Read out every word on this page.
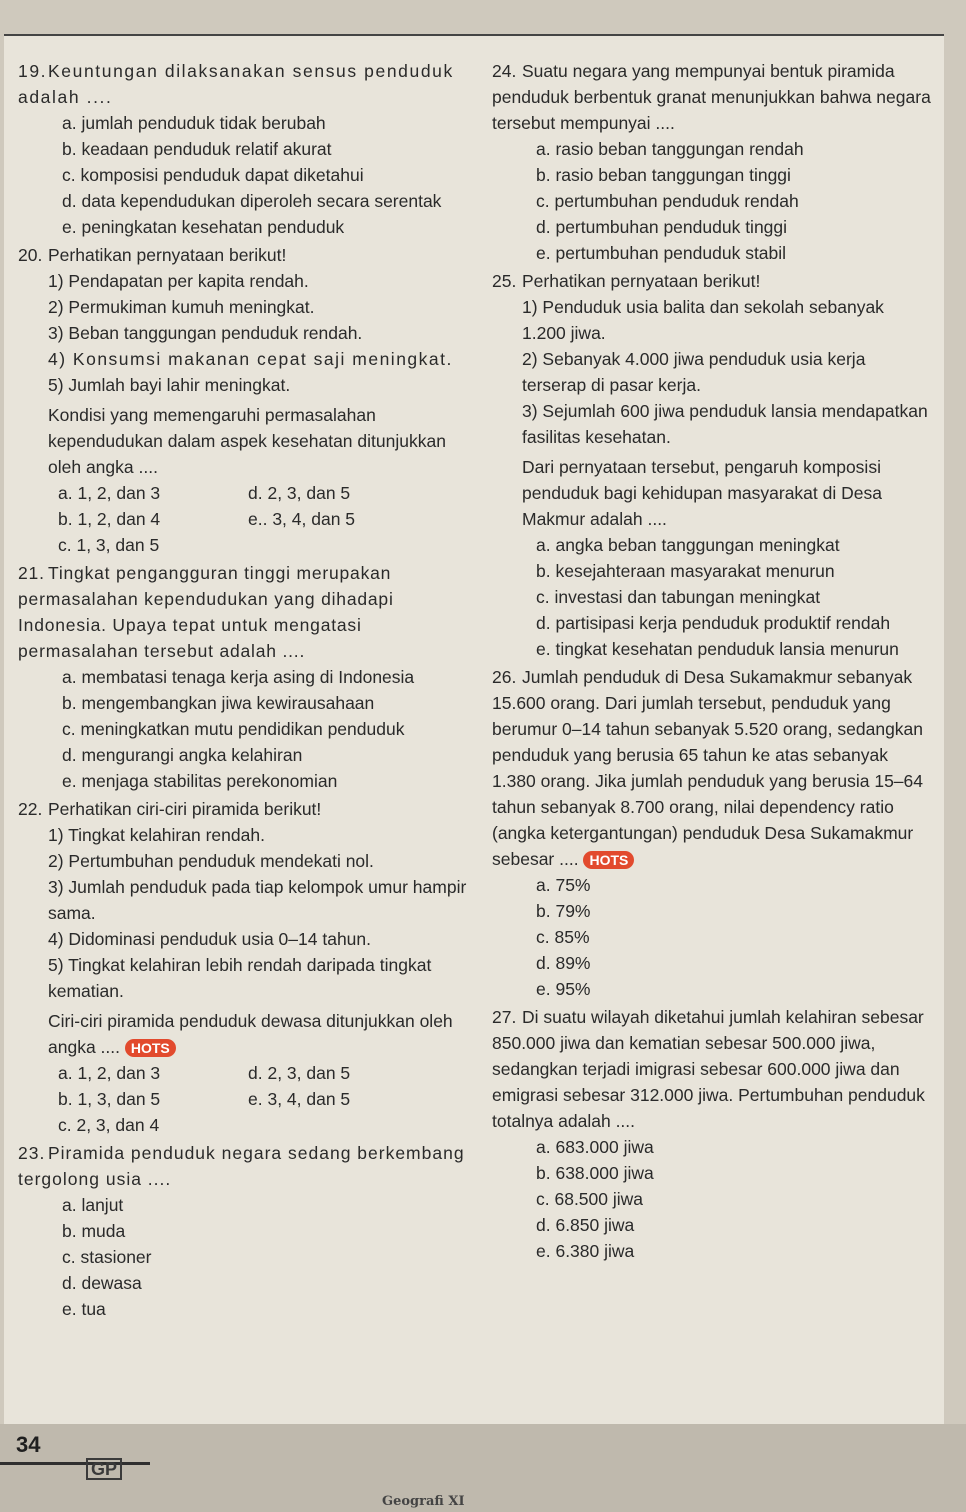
19.Keuntungan dilaksanakan sensus penduduk adalah ....
a. jumlah penduduk tidak berubah
b. keadaan penduduk relatif akurat
c. komposisi penduduk dapat diketahui
d. data kependudukan diperoleh secara serentak
e. peningkatan kesehatan penduduk
20. Perhatikan pernyataan berikut!
1) Pendapatan per kapita rendah.
2) Permukiman kumuh meningkat.
3) Beban tanggungan penduduk rendah.
4) Konsumsi makanan cepat saji meningkat.
5) Jumlah bayi lahir meningkat.
Kondisi yang memengaruhi permasalahan kependudukan dalam aspek kesehatan ditunjukkan oleh angka ....
a. 1, 2, dan 3	d. 2, 3, dan 5
b. 1, 2, dan 4	e.. 3, 4, dan 5
c. 1, 3, dan 5
21. Tingkat pengangguran tinggi merupakan permasalahan kependudukan yang dihadapi Indonesia. Upaya tepat untuk mengatasi permasalahan tersebut adalah ....
a. membatasi tenaga kerja asing di Indonesia
b. mengembangkan jiwa kewirausahaan
c. meningkatkan mutu pendidikan penduduk
d. mengurangi angka kelahiran
e. menjaga stabilitas perekonomian
22. Perhatikan ciri-ciri piramida berikut!
1) Tingkat kelahiran rendah.
2) Pertumbuhan penduduk mendekati nol.
3) Jumlah penduduk pada tiap kelompok umur hampir sama.
4) Didominasi penduduk usia 0–14 tahun.
5) Tingkat kelahiran lebih rendah daripada tingkat kematian.
Ciri-ciri piramida penduduk dewasa ditunjukkan oleh angka .... HOTS
a. 1, 2, dan 3	d. 2, 3, dan 5
b. 1, 3, dan 5	e. 3, 4, dan 5
c. 2, 3, dan 4
23. Piramida penduduk negara sedang berkembang tergolong usia ....
a. lanjut
b. muda
c. stasioner
d. dewasa
e. tua
24. Suatu negara yang mempunyai bentuk piramida penduduk berbentuk granat menunjukkan bahwa negara tersebut mempunyai ....
a. rasio beban tanggungan rendah
b. rasio beban tanggungan tinggi
c. pertumbuhan penduduk rendah
d. pertumbuhan penduduk tinggi
e. pertumbuhan penduduk stabil
25. Perhatikan pernyataan berikut!
1) Penduduk usia balita dan sekolah sebanyak 1.200 jiwa.
2) Sebanyak 4.000 jiwa penduduk usia kerja terserap di pasar kerja.
3) Sejumlah 600 jiwa penduduk lansia mendapatkan fasilitas kesehatan.
Dari pernyataan tersebut, pengaruh komposisi penduduk bagi kehidupan masyarakat di Desa Makmur adalah ....
a. angka beban tanggungan meningkat
b. kesejahteraan masyarakat menurun
c. investasi dan tabungan meningkat
d. partisipasi kerja penduduk produktif rendah
e. tingkat kesehatan penduduk lansia menurun
26. Jumlah penduduk di Desa Sukamakmur sebanyak 15.600 orang. Dari jumlah tersebut, penduduk yang berumur 0–14 tahun sebanyak 5.520 orang, sedangkan penduduk yang berusia 65 tahun ke atas sebanyak 1.380 orang. Jika jumlah penduduk yang berusia 15–64 tahun sebanyak 8.700 orang, nilai dependency ratio (angka ketergantungan) penduduk Desa Sukamakmur sebesar .... HOTS
a. 75%
b. 79%
c. 85%
d. 89%
e. 95%
27. Di suatu wilayah diketahui jumlah kelahiran sebesar 850.000 jiwa dan kematian sebesar 500.000 jiwa, sedangkan terjadi imigrasi sebesar 600.000 jiwa dan emigrasi sebesar 312.000 jiwa. Pertumbuhan penduduk totalnya adalah ....
a. 683.000 jiwa
b. 638.000 jiwa
c. 68.500 jiwa
d. 6.850 jiwa
e. 6.380 jiwa
34
GP
Geografi XI
